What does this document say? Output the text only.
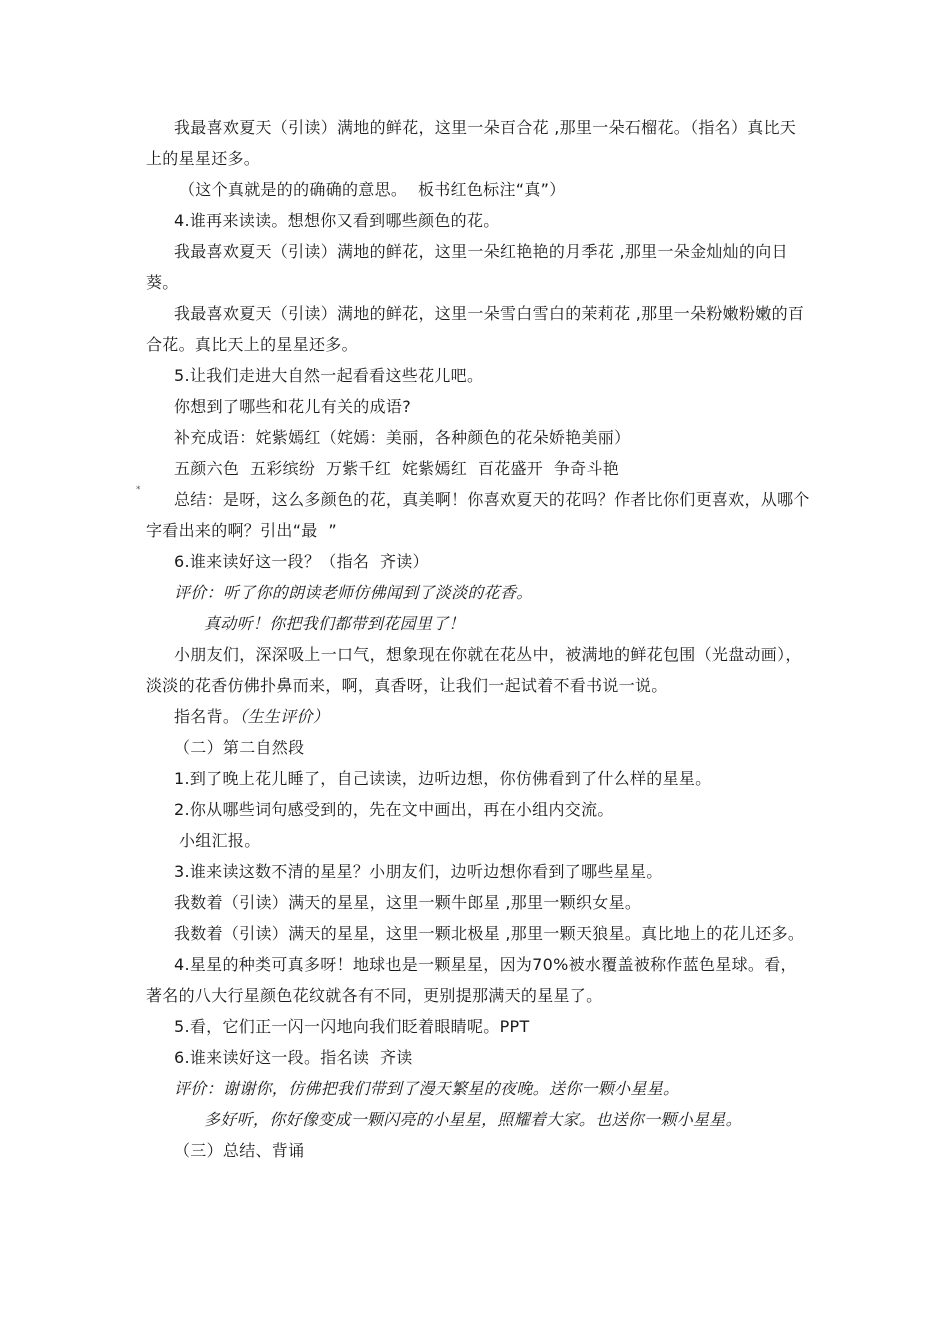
我最喜欢夏天（引读）满地的鲜花，这里一朵百合花 ,那里一朵石榴花。（指名）真比天上的星星还多。

（这个真就是的的确确的意思。  板书红色标注“真”）

4.谁再来读读。想想你又看到哪些颜色的花。

我最喜欢夏天（引读）满地的鲜花，这里一朵红艳艳的月季花 ,那里一朵金灿灿的向日葵。

我最喜欢夏天（引读）满地的鲜花，这里一朵雪白雪白的茉莉花 ,那里一朵粉嫩粉嫩的百合花。真比天上的星星还多。

5.让我们走进大自然一起看看这些花儿吧。

你想到了哪些和花儿有关的成语?

补充成语：姹紫嫣红（姹嫣：美丽，各种颜色的花朵娇艳美丽）

五颜六色  五彩缤纷  万紫千红  姹紫嫣红  百花盛开  争奇斗艳

* 总结：是呀，这么多颜色的花，真美啊！你喜欢夏天的花吗？作者比你们更喜欢，从哪个字看出来的啊？引出“最  ”

6.谁来读好这一段？（指名  齐读）

评价：听了你的朗读老师仿佛闻到了淡淡的花香。

真动听！你把我们都带到花园里了！

小朋友们，深深吸上一口气，想象现在你就在花丛中，被满地的鲜花包围（光盘动画），淡淡的花香仿佛扑鼻而来，啊，真香呀，让我们一起试着不看书说一说。

指名背。（生生评价）

（二）第二自然段

1.到了晚上花儿睡了，自己读读，边听边想，你仿佛看到了什么样的星星。

2.你从哪些词句感受到的，先在文中画出，再在小组内交流。

小组汇报。

3.谁来读这数不清的星星？小朋友们，边听边想你看到了哪些星星。

我数着（引读）满天的星星，这里一颗牛郎星 ,那里一颗织女星。

我数着（引读）满天的星星，这里一颗北极星 ,那里一颗天狼星。真比地上的花儿还多。

4.星星的种类可真多呀！地球也是一颗星星，因为70%被水覆盖被称作蓝色星球。看，著名的八大行星颜色花纹就各有不同，更别提那满天的星星了。

5.看，它们正一闪一闪地向我们眨着眼睛呢。PPT

6.谁来读好这一段。指名读  齐读

评价：谢谢你，仿佛把我们带到了漫天繁星的夜晚。送你一颗小星星。

多好听，你好像变成一颗闪亮的小星星，照耀着大家。也送你一颗小星星。

（三）总结、背诵
